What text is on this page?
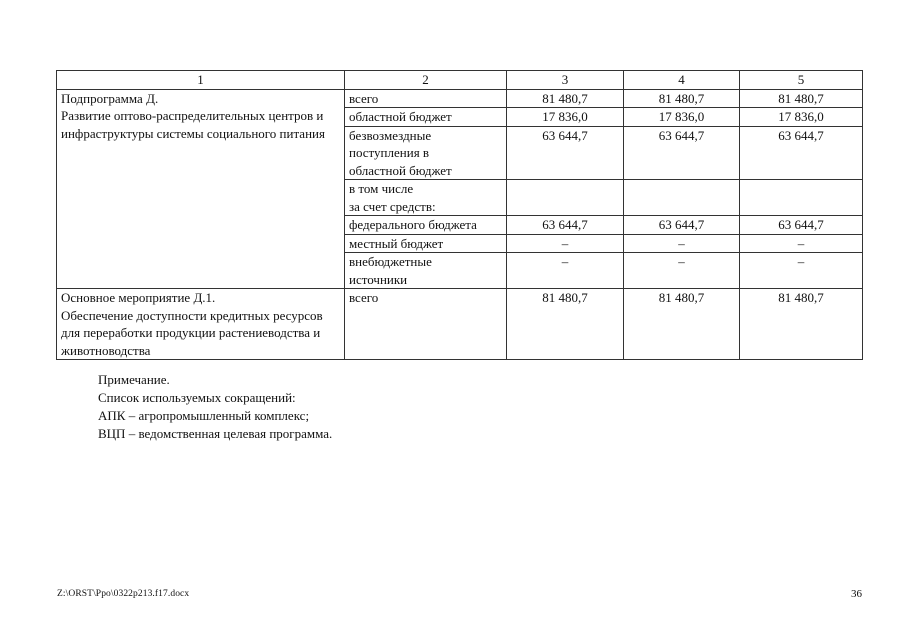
1	2	3	4	5
Подпрограмма Д.
Развитие оптово-распределительных центров и инфраструктуры системы социального питания	всего	81 480,7	81 480,7	81 480,7
	областной бюджет	17 836,0	17 836,0	17 836,0
	безвозмездные
поступления в
областной бюджет	63 644,7	63 644,7	63 644,7
	в том числе
за счет средств:			
	федерального бюджета	63 644,7	63 644,7	63 644,7
	местный бюджет	–	–	–
	внебюджетные
источники	–	–	–
Основное мероприятие Д.1.
Обеспечение доступности кредитных ресурсов для переработки продукции растениеводства и животноводства	всего	81 480,7	81 480,7	81 480,7
Примечание.
Список используемых сокращений:
АПК – агропромышленный комплекс;
ВЦП – ведомственная целевая программа.
Z:\ORST\Ppo\0322p213.f17.docx	36
